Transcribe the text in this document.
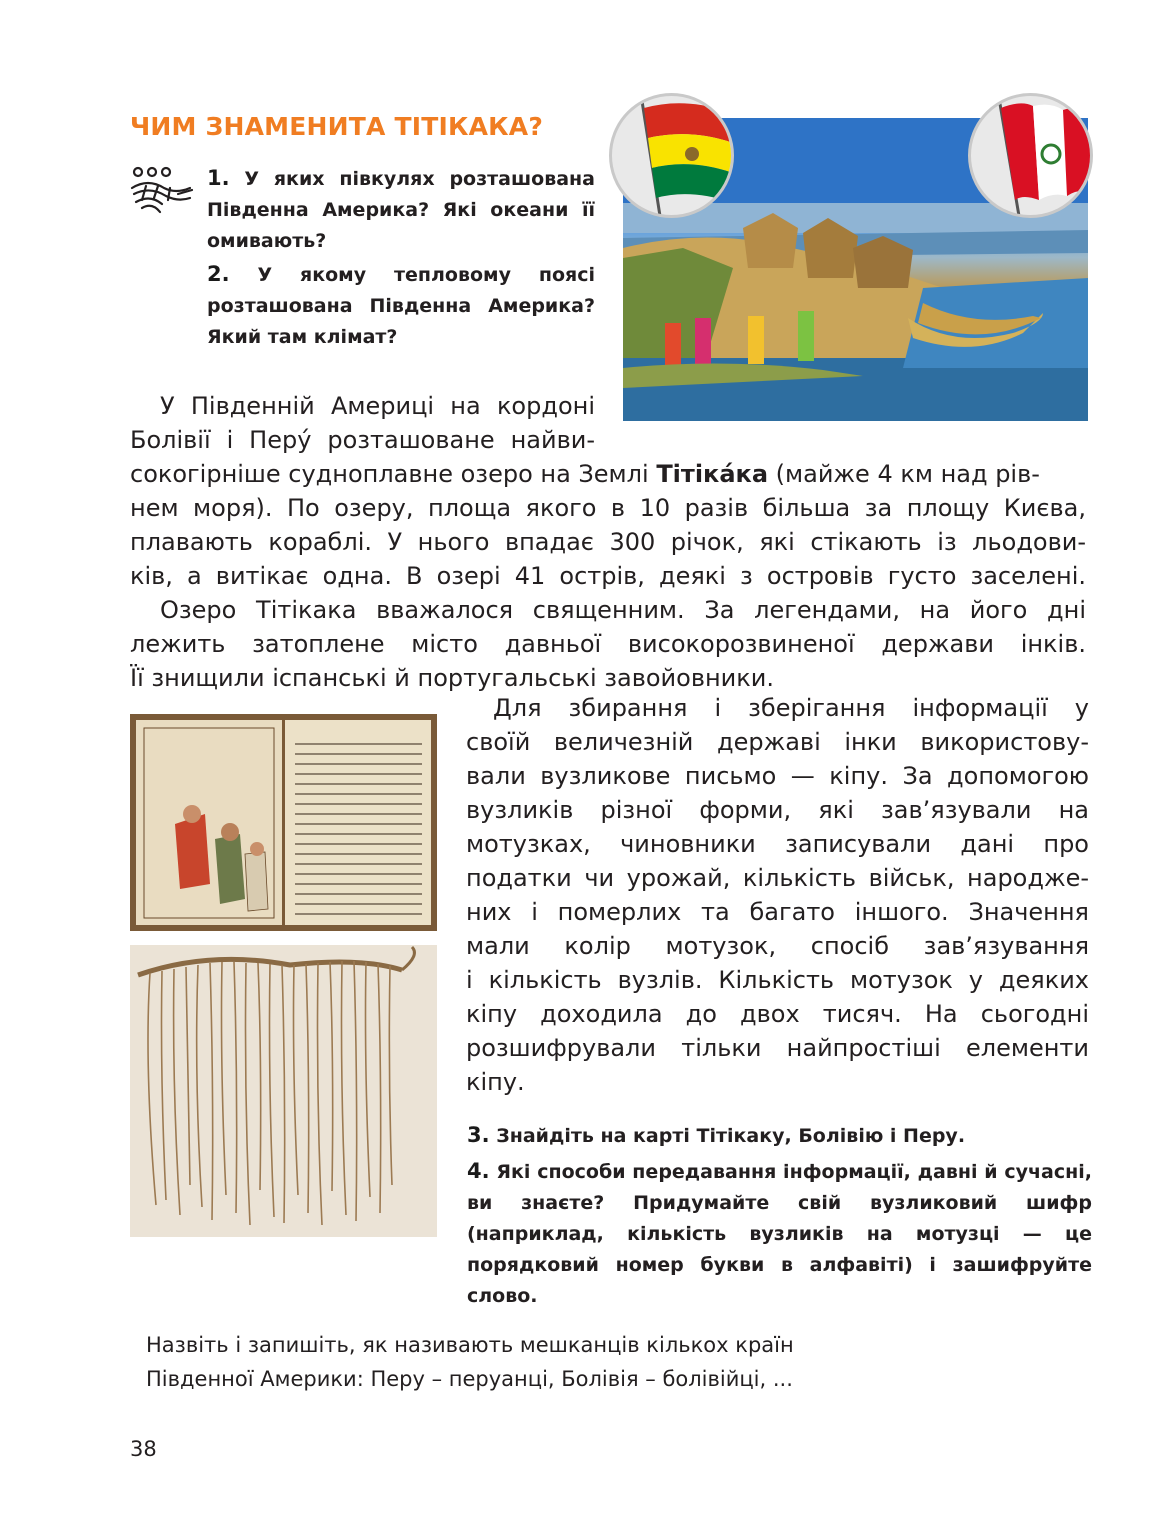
ЧИМ ЗНАМЕНИТА ТІТІКАКА?
1. У яких півкулях розташована Південна Америка? Які океани її омивають?
2. У якому тепловому поясі розташована Південна Америка? Який там клімат?
У Південній Америці на кордоні
Болівії і Перу́ розташоване найви-
сокогірніше судноплавне озеро на Землі Тітіка́ка (майже 4 км над рів-
нем моря). По озеру, площа якого в 10 разів більша за площу Києва,
плавають кораблі. У нього впадає 300 річок, які стікають із льодови-
ків, а витікає одна. В озері 41 острів, деякі з островів густо заселені.
Озеро Тітікака вважалося священним. За легендами, на його дні
лежить затоплене місто давньої високорозвиненої держави інків.
Її знищили іспанські й португальські завойовники.
Для збирання і зберігання інформації у
своїй величезній державі інки використову-
вали вузликове письмо — кіпу. За допомогою
вузликів різної форми, які зав’язували на
мотузках, чиновники записували дані про
податки чи урожай, кількість військ, народже-
них і померлих та багато іншого. Значення
мали колір мотузок, спосіб зав’язування
і кількість вузлів. Кількість мотузок у деяких
кіпу доходила до двох тисяч. На сьогодні
розшифрували тільки найпростіші елементи
кіпу.
3. Знайдіть на карті Тітікаку, Болівію і Перу.
4. Які способи передавання інформації, давні й сучасні, ви знаєте? Придумайте свій вузликовий шифр (наприклад, кількість вузликів на мотузці — це порядковий номер букви в алфавіті) і зашифруйте слово.
Назвіть і запишіть, як називають мешканців кількох країн
Південної Америки: Перу – перуанці, Болівія – болівійці, ...
38
